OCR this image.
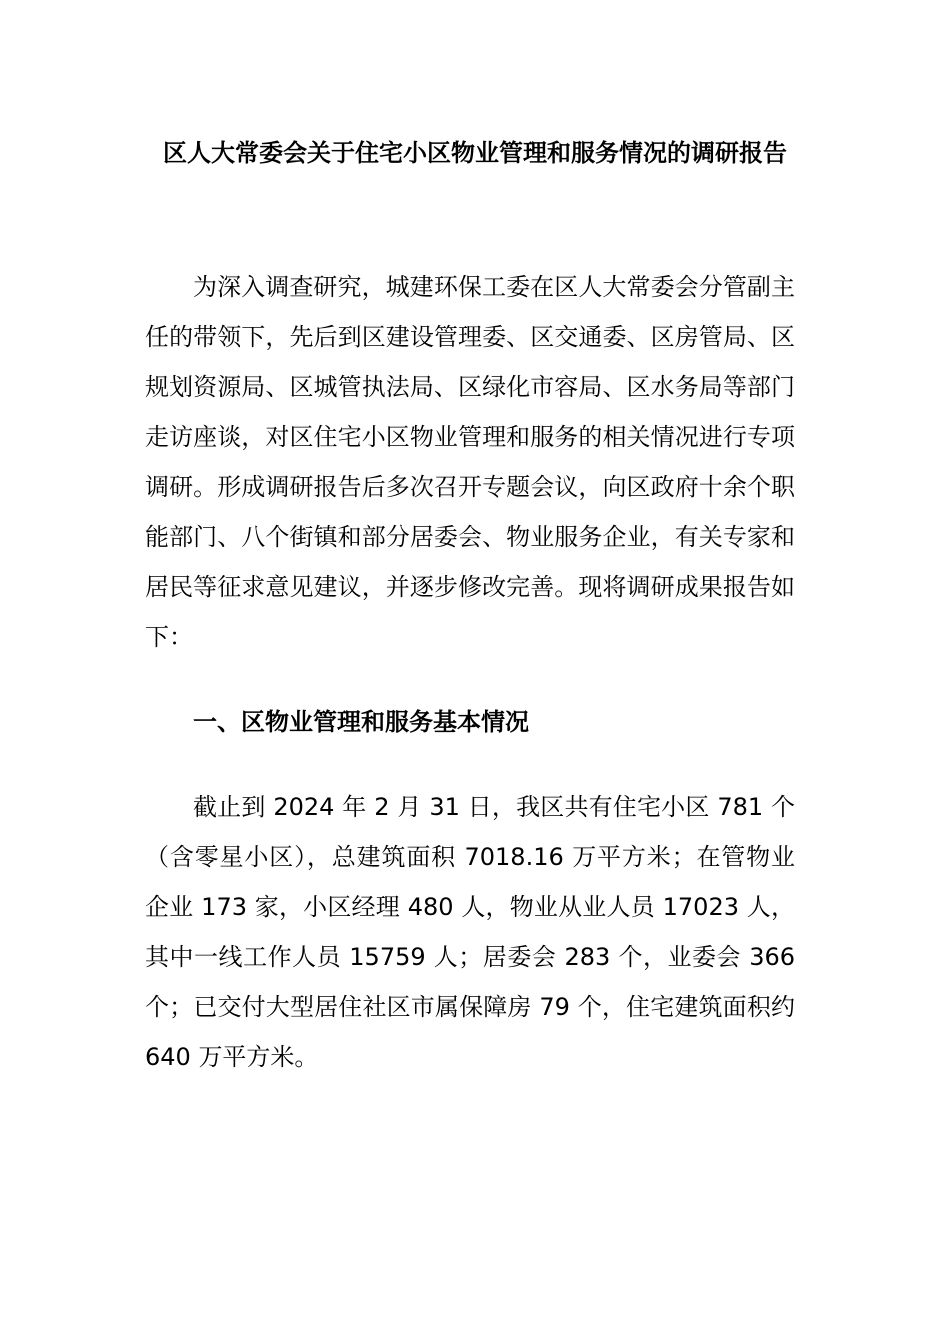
区人大常委会关于住宅小区物业管理和服务情况的调研报告

为深入调查研究，城建环保工委在区人大常委会分管副主任的带领下，先后到区建设管理委、区交通委、区房管局、区规划资源局、区城管执法局、区绿化市容局、区水务局等部门走访座谈，对区住宅小区物业管理和服务的相关情况进行专项调研。形成调研报告后多次召开专题会议，向区政府十余个职能部门、八个街镇和部分居委会、物业服务企业，有关专家和居民等征求意见建议，并逐步修改完善。现将调研成果报告如下：

一、区物业管理和服务基本情况

截止到 2024 年 2 月 31 日，我区共有住宅小区 781 个（含零星小区），总建筑面积 7018.16 万平方米；在管物业企业 173 家，小区经理 480 人，物业从业人员 17023 人，其中一线工作人员 15759 人；居委会 283 个，业委会 366 个；已交付大型居住社区市属保障房 79 个，住宅建筑面积约 640 万平方米。
